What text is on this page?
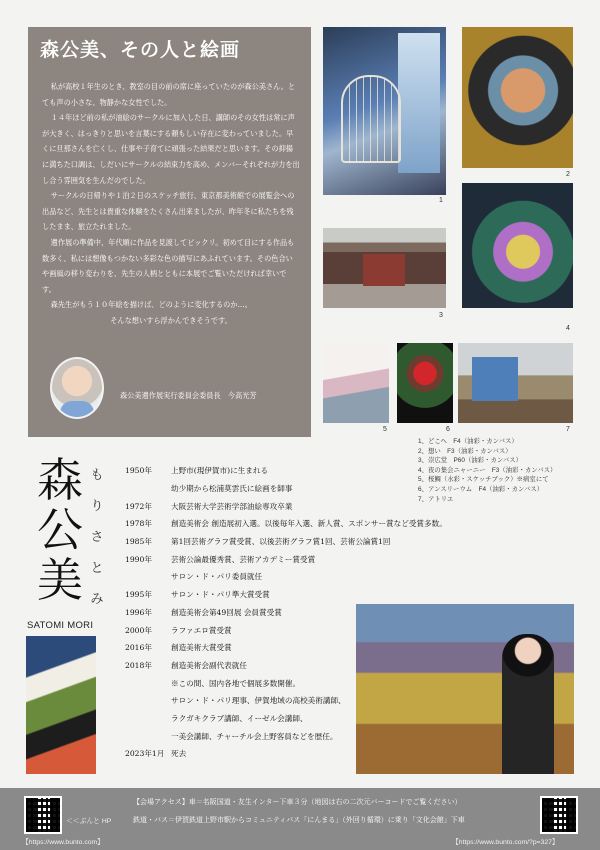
森公美、その人と絵画

私が高校１年生のとき、教室の目の前の席に座っていたのが森公美さん。とても声の小さな、物静かな女性でした。

１４年ほど前の私が油絵のサークルに加入した日、講師のその女性は常に声が大きく、はっきりと思いを言葉にする頼もしい存在に変わっていました。早くに旦那さんを亡くし、仕事や子育てに頑張った結果だと思います。その抑揚に満ちた口調は、しだいにサークルの結束力を高め、メンバーそれぞれが力を出し合う雰囲気を生んだのでした。

サークルの日帰りや１泊２日のスケッチ旅行、東京都美術館での展覧会への出品など、先生とは貴重な体験をたくさん出来ましたが、昨年冬に私たちを残したまま、旅立たれました。

遺作展の準備中、年代順に作品を見渡してビックリ。初めて目にする作品も数多く、私には想像もつかない多彩な色の描写にあふれています。その色合いや画風の移り変わりを、先生の人柄とともに本展でご覧いただければ幸いです。

森先生がもう１０年絵を描けば、どのように変化するのか…。

そんな想いすら浮かんできそうです。

森公美遺作展実行委員会委員長　今高光芳
1
2
3
4
5	6	7
1、どこへ　F4（油彩・カンバス）
2、想い　F3（油彩・カンバス）
3、崇広堂　P60（油彩・カンバス）
4、夜の集会ニャーニー　F3（油彩・カンバス）
5、桜鯛（水彩・スケッチブック）※病室にて
6、アンスリーウム　F4（油彩・カンバス）
7、アトリエ
森
公
美
も
り
さ
と
み
SATOMI MORI
1950年	上野市(現伊賀市)に生まれる
幼少期から松浦莫雲氏に絵画を師事
1972年	大阪芸術大学芸術学部油絵専攻卒業
1978年	創造美術会 創造展初入選。以後毎年入選、新人賞、スポンサー賞など受賞多数。
1985年	第1回芸術グラフ賞受賞、以後芸術グラフ賞1回、芸術公論賞1回
1990年	芸術公論最優秀賞、芸術アカデミー賞受賞
サロン・ド・パリ委員就任
1995年	サロン・ド・パリ準大賞受賞
1996年	創造美術会第49回展 会員賞受賞
2000年	ラファエロ賞受賞
2016年	創造美術大賞受賞
2018年	創造美術会副代表就任
※この間、国内各地で個展多数開催。
サロン・ド・パリ理事、伊賀地域の高校美術講師、
ラクガキクラブ講師、イーゼル会講師、
一美会講師、チャーチル会上野客員などを歴任。
2023年1月 死去
＜＜ぶんと HP
【https://www.bunto.com】
【会場アクセス】車＝名阪国道・友生インター下車３分（地図は右の二次元バーコードでご覧ください）
鉄道・バス＝伊賀鉄道上野市駅からコミュニティバス「にんまる」（外回り循環）に乗り「文化会館」下車
【https://www.bunto.com/?p=327】
